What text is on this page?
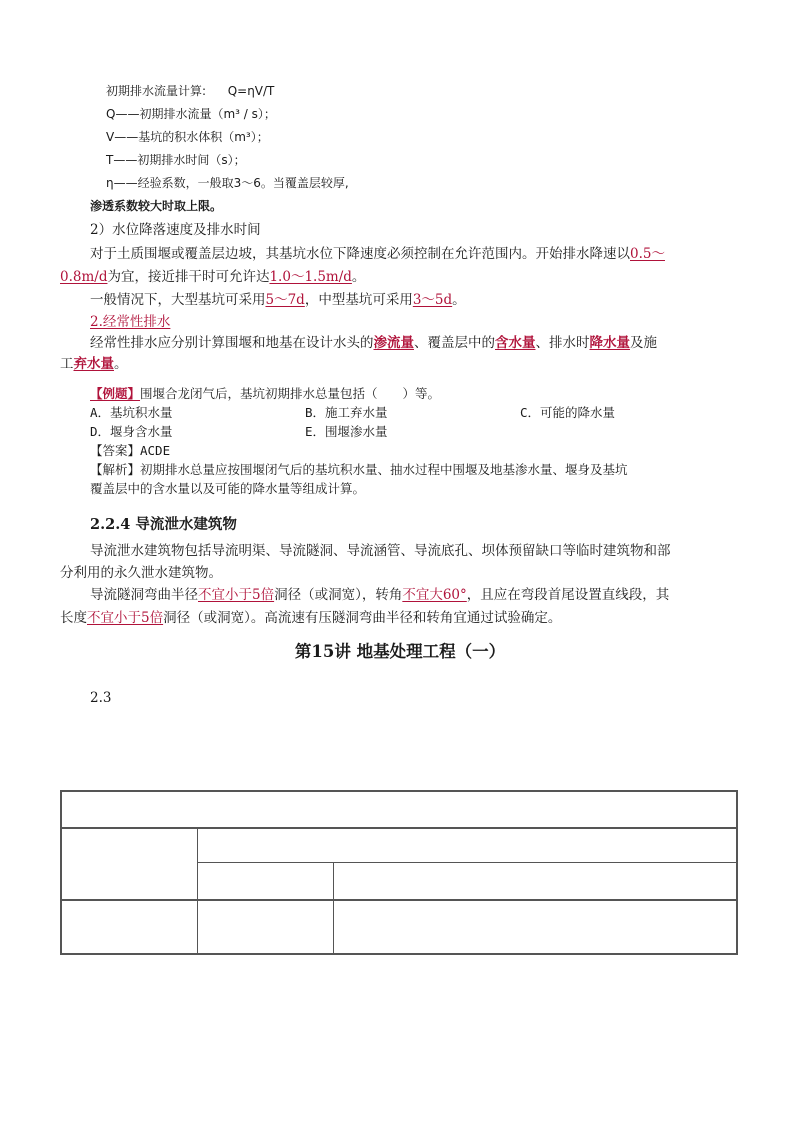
初期排水流量计算: Q=ηV/T
Q——初期排水流量（m³ / s）；
V——基坑的积水体积（m³）；
T——初期排水时间（s）；
η——经验系数，一般取3～6。当覆盖层较厚,
渗透系数较大时取上限。
2）水位降落速度及排水时间
对于土质围堰或覆盖层边坡，其基坑水位下降速度必须控制在允许范围内。开始排水降速以0.5～
0.8m/d为宜，接近排干时可允许达1.0～1.5m/d。
一般情况下，大型基坑可采用5～7d，中型基坑可采用3～5d。
2.经常性排水
经常性排水应分别计算围堰和地基在设计水头的渗流量、覆盖层中的含水量、排水时降水量及施
工弃水量。
【例题】围堰合龙闭气后，基坑初期排水总量包括（　　）等。
A．基坑积水量	B．施工弃水量	C．可能的降水量
D．堰身含水量	E．围堰渗水量
【答案】ACDE
【解析】初期排水总量应按围堰闭气后的基坑积水量、抽水过程中围堰及地基渗水量、堰身及基坑
覆盖层中的含水量以及可能的降水量等组成计算。
2.2.4 导流泄水建筑物
导流泄水建筑物包括导流明渠、导流隧洞、导流涵管、导流底孔、坝体预留缺口等临时建筑物和部
分利用的永久泄水建筑物。
导流隧洞弯曲半径不宜小于5倍洞径（或洞宽），转角不宜大60°，且应在弯段首尾设置直线段，其
长度不宜小于5倍洞径（或洞宽）。高流速有压隧洞弯曲半径和转角宜通过试验确定。
第15讲 地基处理工程（一）
2.3
